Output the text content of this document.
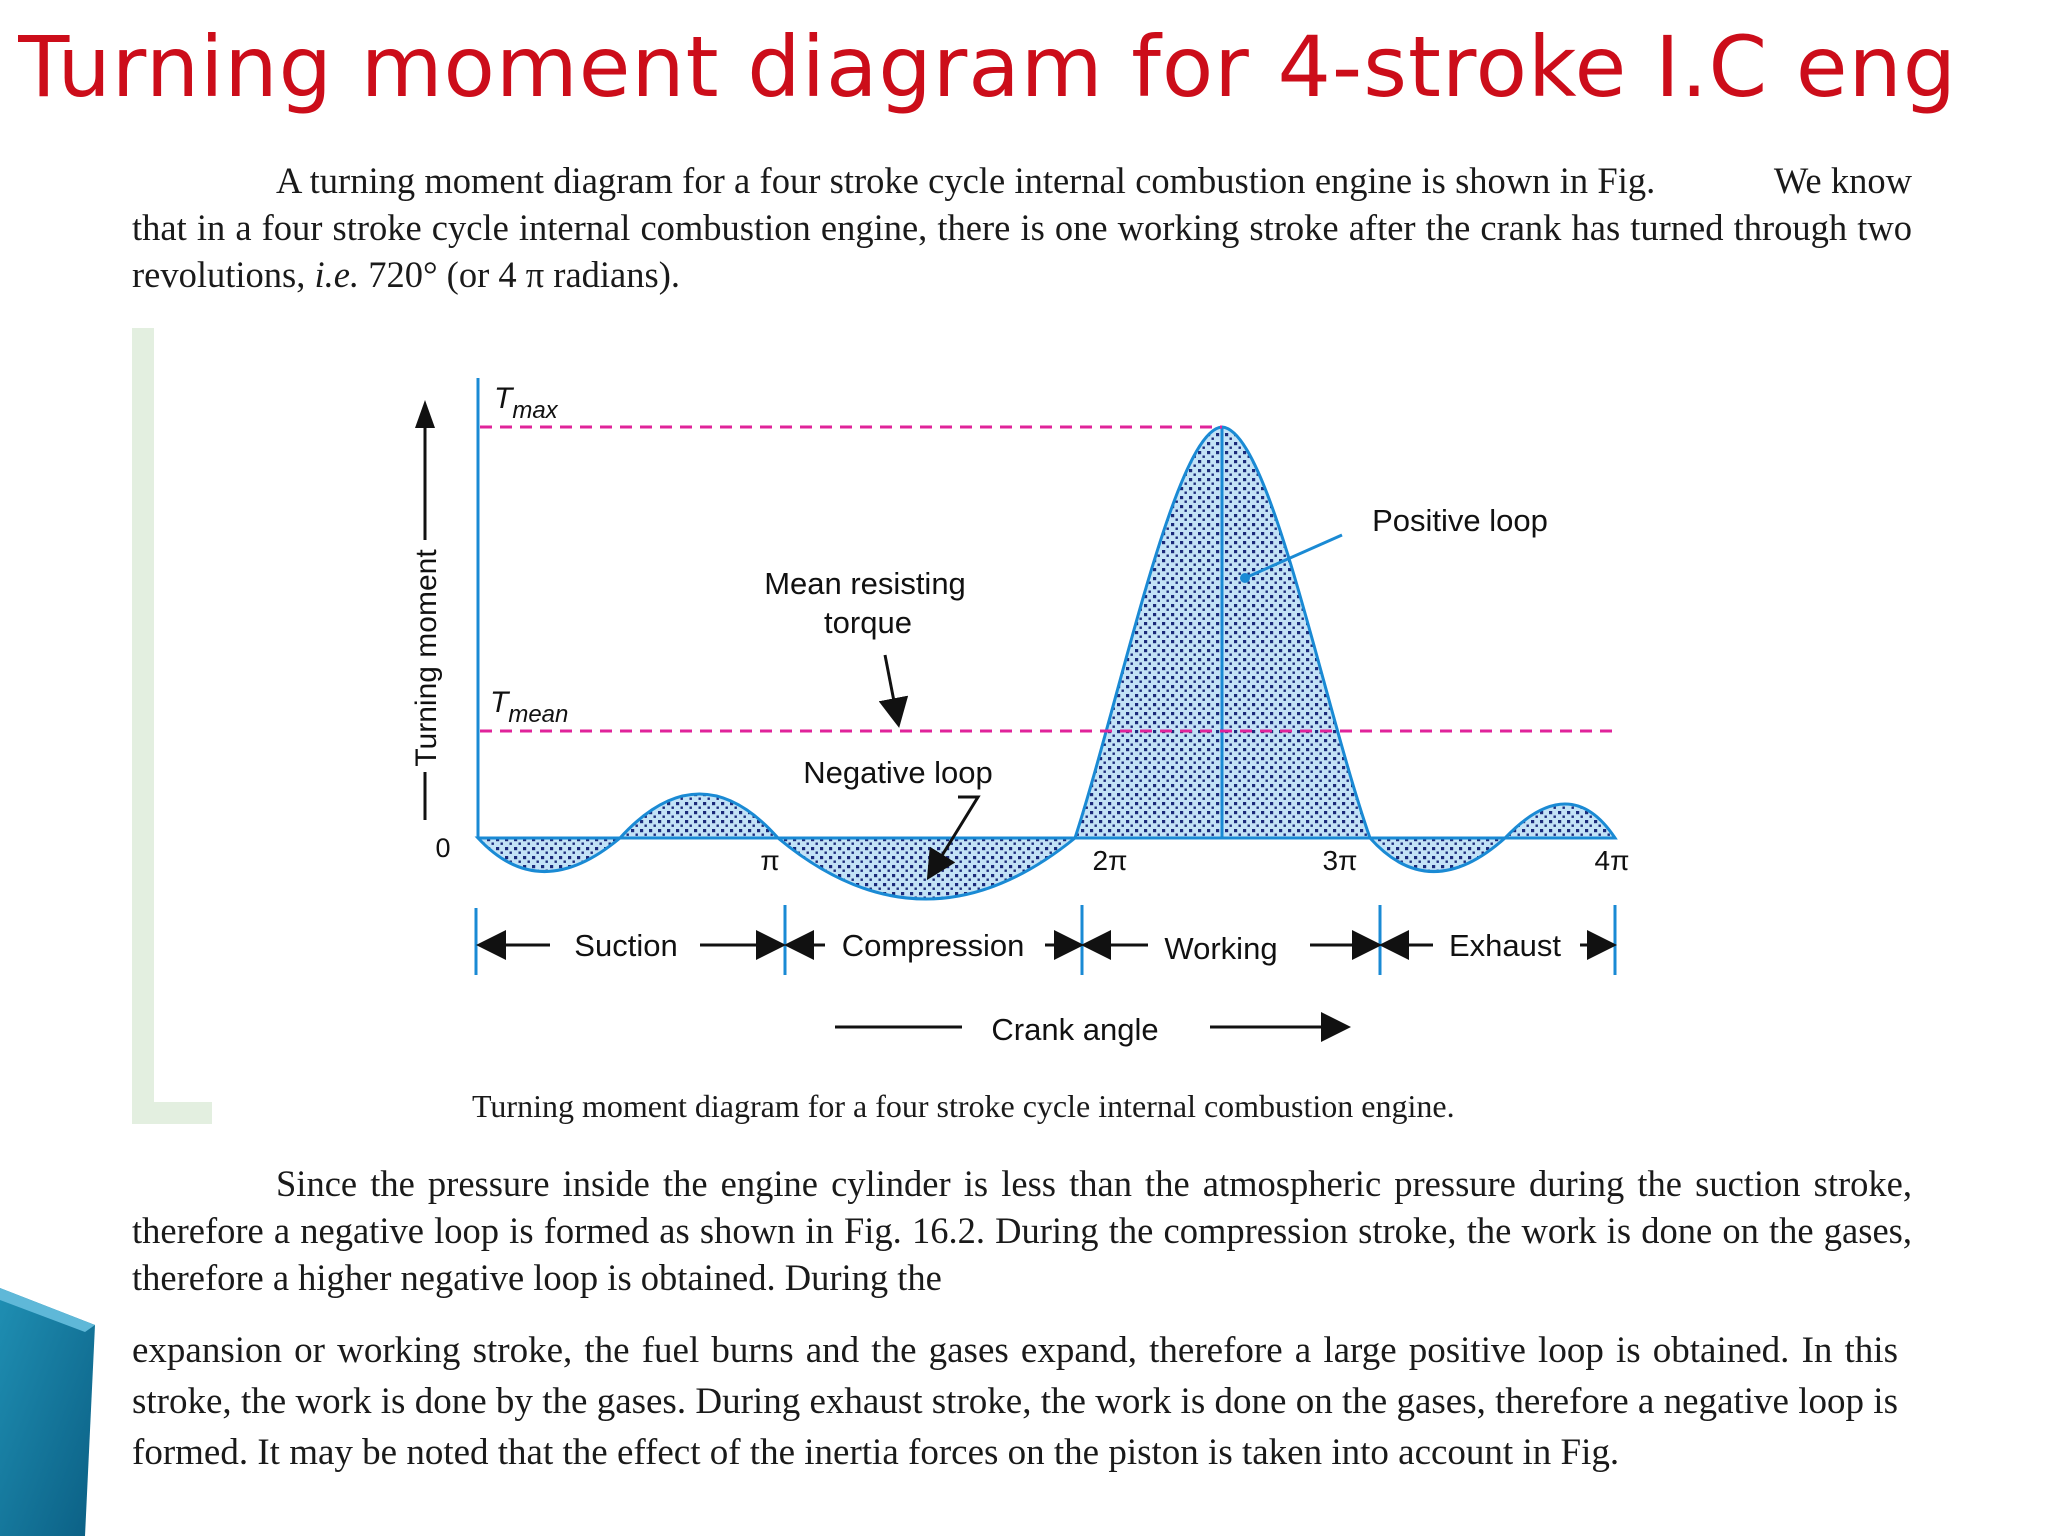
Turning moment diagram for 4-stroke I.C eng
A turning moment diagram for a four stroke cycle internal combustion engine is shown in Fig.	We know that in a four stroke cycle internal combustion engine, there is one working stroke after the crank has turned through two revolutions, i.e. 720° (or 4 π radians).
Turning moment
0
$T_{max}$
$T_{mean}$
Mean resisting
torque
Negative loop
Positive loop
π	2π	3π	4π
Suction	Compression	Working	Exhaust
Crank angle
Turning moment diagram for a four stroke cycle internal combustion engine.
Since the pressure inside the engine cylinder is less than the atmospheric pressure during the suction stroke, therefore a negative loop is formed as shown in Fig. 16.2. During the compression stroke, the work is done on the gases, therefore a higher negative loop is obtained. During the
expansion or working stroke, the fuel burns and the gases expand, therefore a large positive loop is obtained. In this stroke, the work is done by the gases. During exhaust stroke, the work is done on the gases, therefore a negative loop is formed. It may be noted that the effect of the inertia forces on the piston is taken into account in Fig.
